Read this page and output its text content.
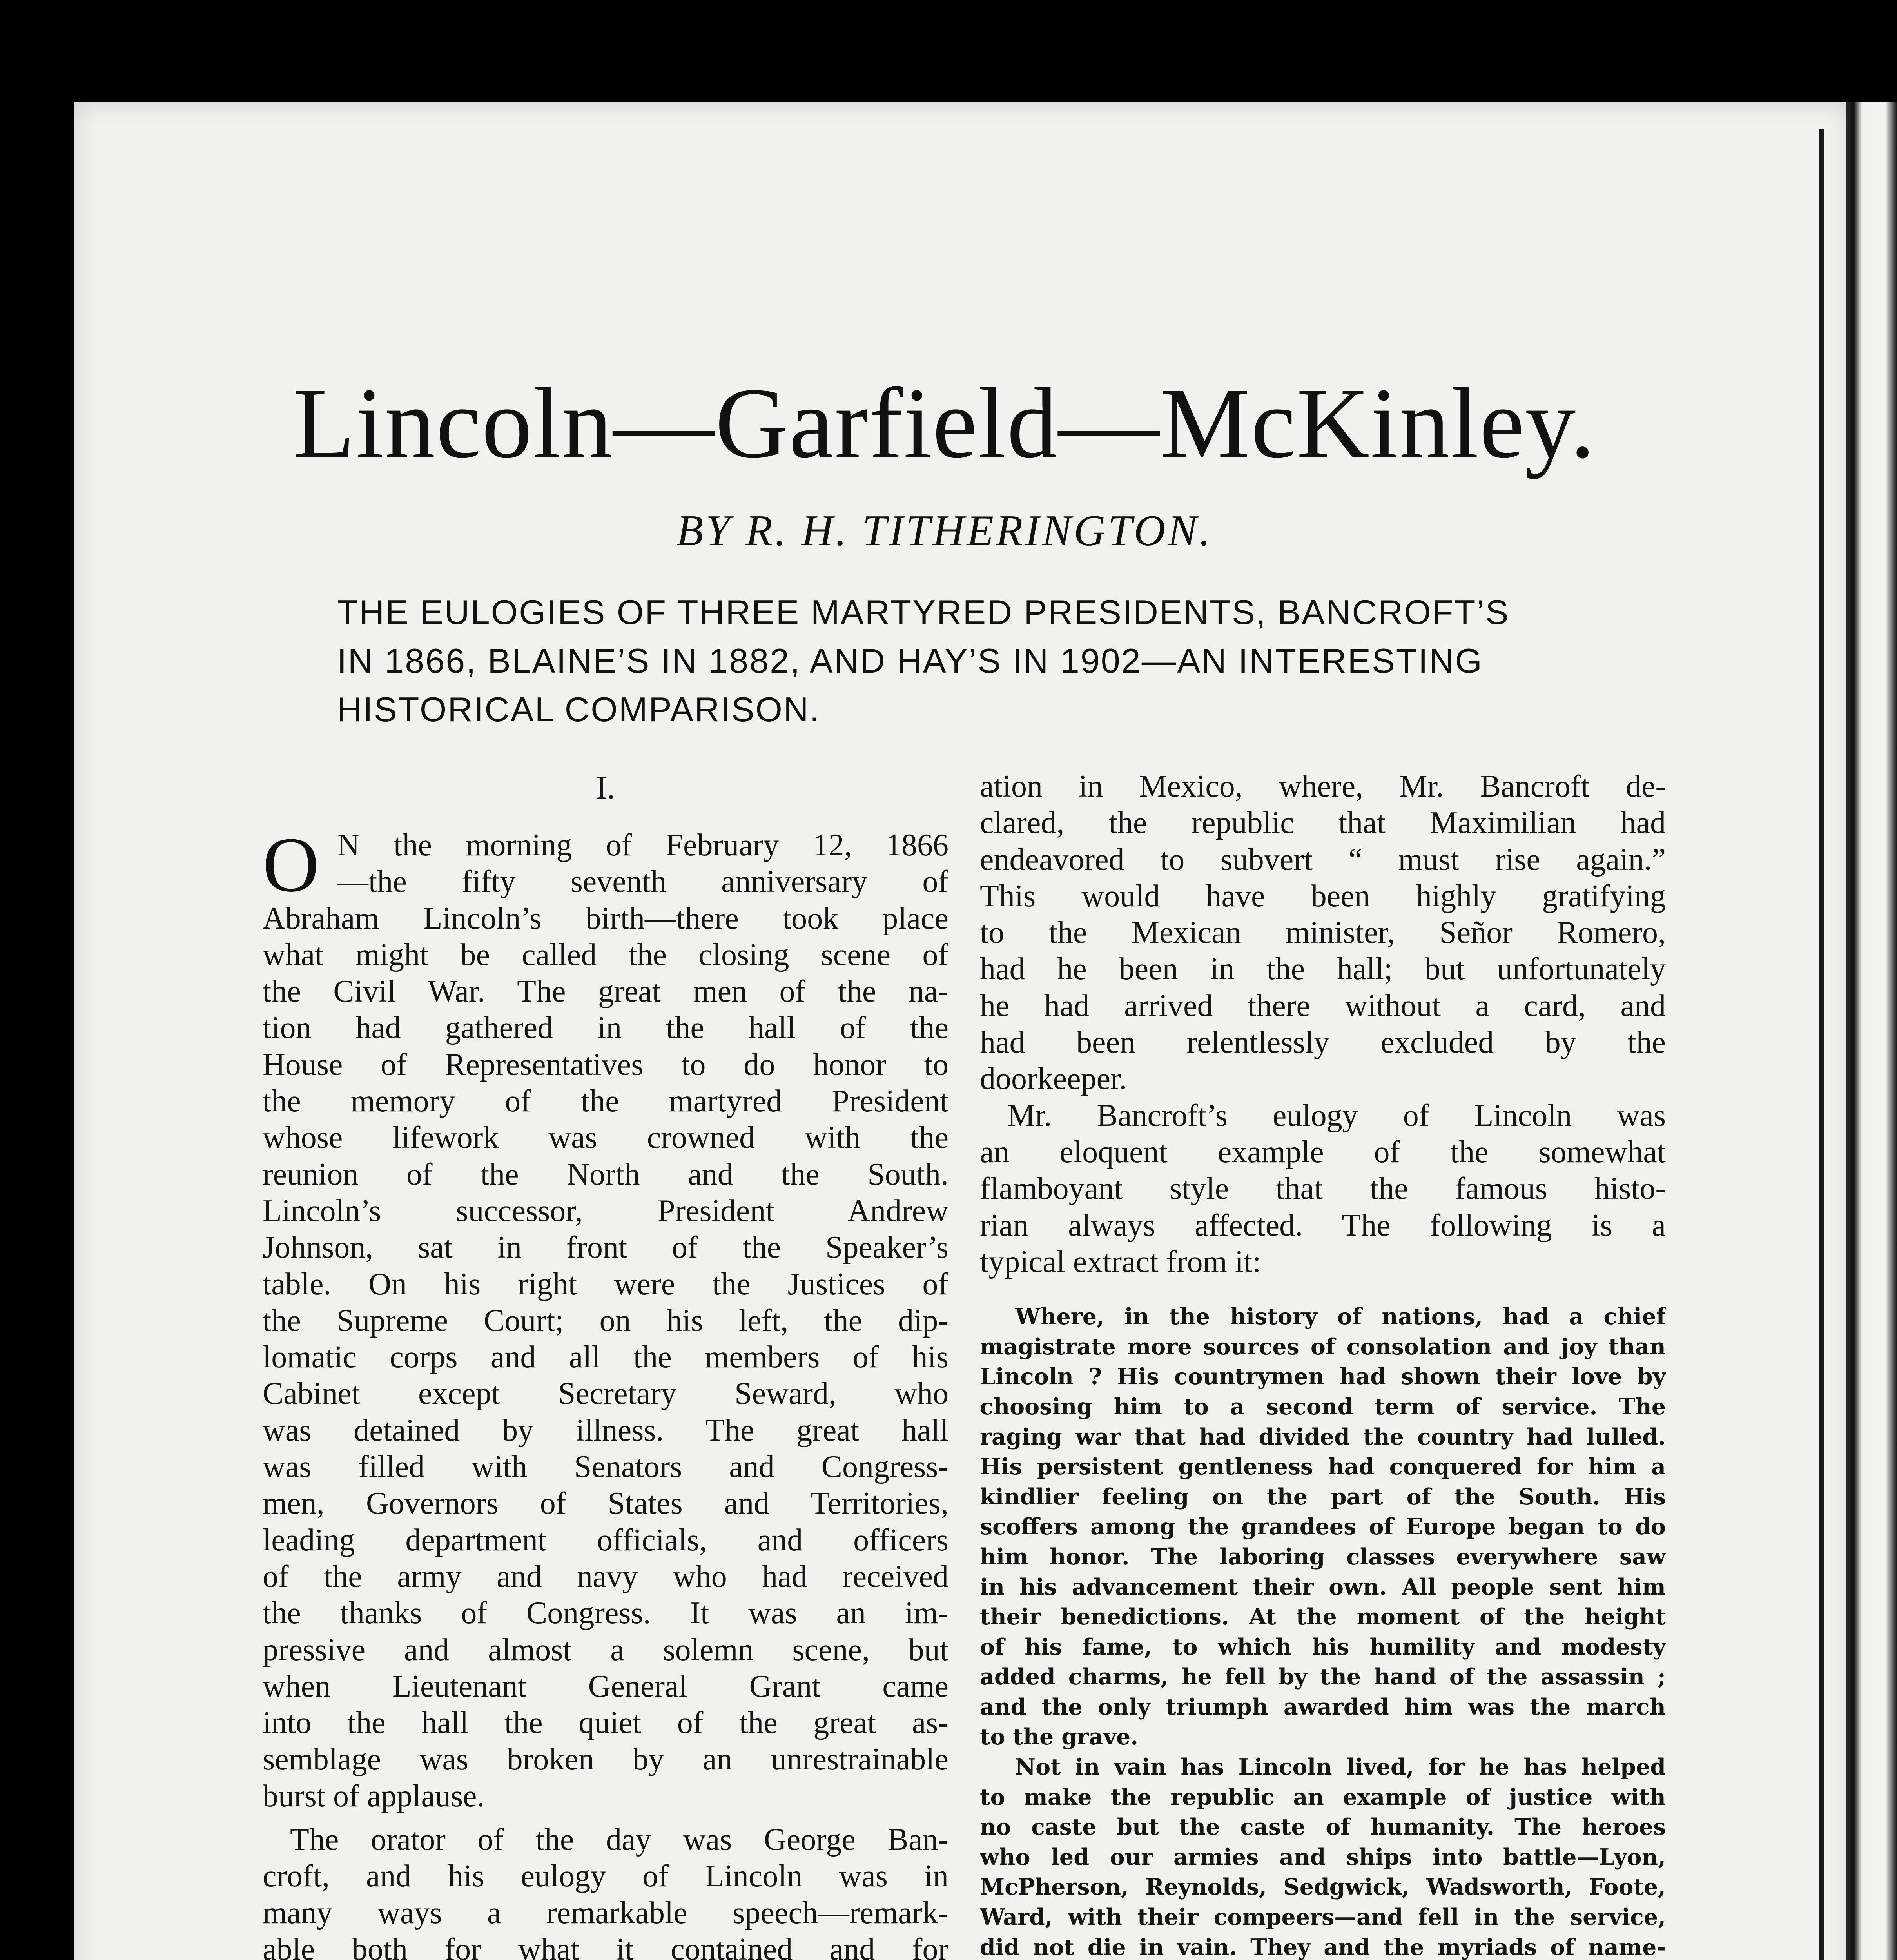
Lincoln—Garfield—McKinley.
BY R. H. TITHERINGTON.
THE EULOGIES OF THREE MARTYRED PRESIDENTS, BANCROFT’S
IN 1866, BLAINE’S IN 1882, AND HAY’S IN 1902—AN INTERESTING
HISTORICAL COMPARISON.
I.
O N the morning of February 12, 1866
—the fifty seventh anniversary of
Abraham Lincoln’s birth—there took place
what might be called the closing scene of
the Civil War. The great men of the na-
tion had gathered in the hall of the
House of Representatives to do honor to
the memory of the martyred President
whose lifework was crowned with the
reunion of the North and the South.
Lincoln’s successor, President Andrew
Johnson, sat in front of the Speaker’s
table. On his right were the Justices of
the Supreme Court; on his left, the dip-
lomatic corps and all the members of his
Cabinet except Secretary Seward, who
was detained by illness. The great hall
was filled with Senators and Congress-
men, Governors of States and Territories,
leading department officials, and officers
of the army and navy who had received
the thanks of Congress. It was an im-
pressive and almost a solemn scene, but
when Lieutenant General Grant came
into the hall the quiet of the great as-
semblage was broken by an unrestrainable
burst of applause.
The orator of the day was George Ban-
croft, and his eulogy of Lincoln was in
many ways a remarkable speech—remark-
able both for what it contained and for
ation in Mexico, where, Mr. Bancroft de-
clared, the republic that Maximilian had
endeavored to subvert “ must rise again.”
This would have been highly gratifying
to the Mexican minister, Señor Romero,
had he been in the hall; but unfortunately
he had arrived there without a card, and
had been relentlessly excluded by the
doorkeeper.
Mr. Bancroft’s eulogy of Lincoln was
an eloquent example of the somewhat
flamboyant style that the famous histo-
rian always affected. The following is a
typical extract from it:
Where, in the history of nations, had a chief
magistrate more sources of consolation and joy than
Lincoln ? His countrymen had shown their love by
choosing him to a second term of service. The
raging war that had divided the country had lulled.
His persistent gentleness had conquered for him a
kindlier feeling on the part of the South. His
scoffers among the grandees of Europe began to do
him honor. The laboring classes everywhere saw
in his advancement their own. All people sent him
their benedictions. At the moment of the height
of his fame, to which his humility and modesty
added charms, he fell by the hand of the assassin ;
and the only triumph awarded him was the march
to the grave.
Not in vain has Lincoln lived, for he has helped
to make the republic an example of justice with
no caste but the caste of humanity. The heroes
who led our armies and ships into battle—Lyon,
McPherson, Reynolds, Sedgwick, Wadsworth, Foote,
Ward, with their compeers—and fell in the service,
did not die in vain. They and the myriads of name-
